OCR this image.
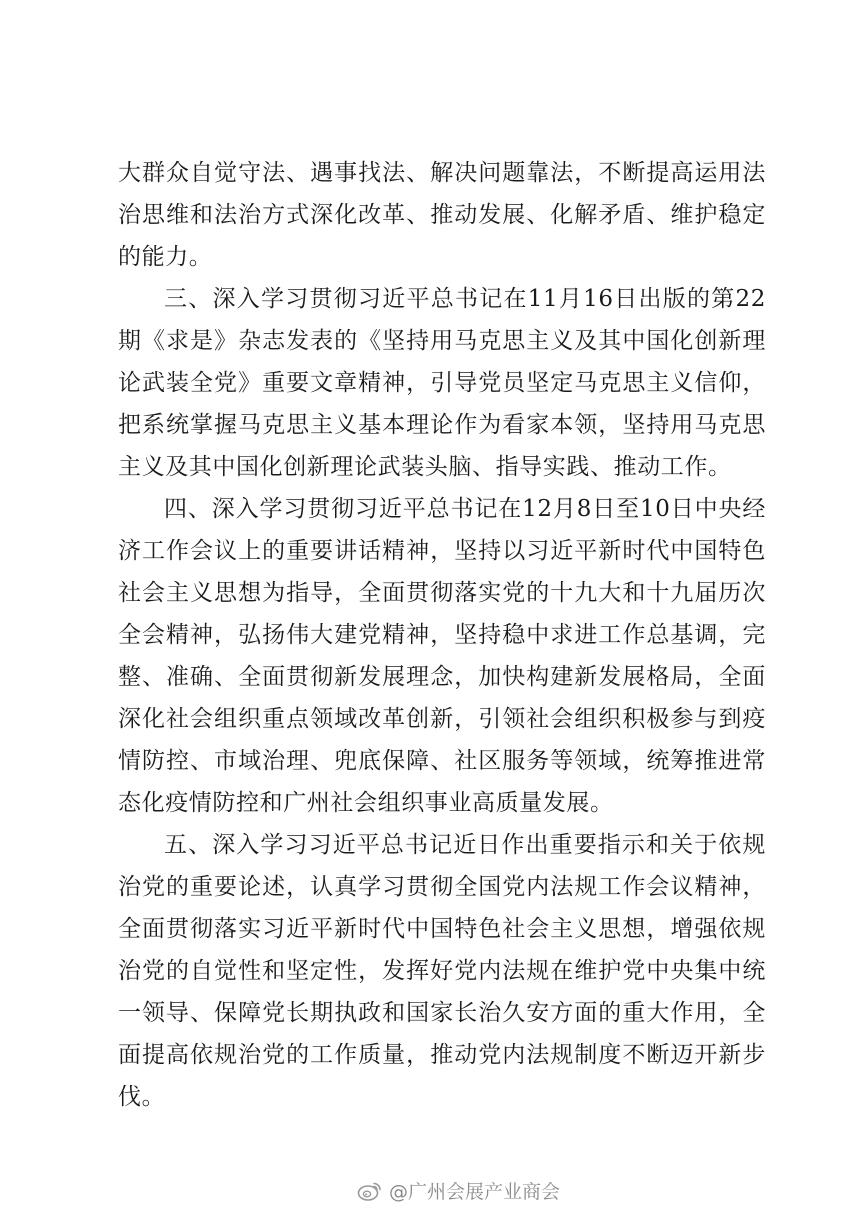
大群众自觉守法、遇事找法、解决问题靠法，不断提高运用法治思维和法治方式深化改革、推动发展、化解矛盾、维护稳定的能力。

三、深入学习贯彻习近平总书记在11月16日出版的第22期《求是》杂志发表的《坚持用马克思主义及其中国化创新理论武装全党》重要文章精神，引导党员坚定马克思主义信仰，把系统掌握马克思主义基本理论作为看家本领，坚持用马克思主义及其中国化创新理论武装头脑、指导实践、推动工作。

四、深入学习贯彻习近平总书记在12月8日至10日中央经济工作会议上的重要讲话精神，坚持以习近平新时代中国特色社会主义思想为指导，全面贯彻落实党的十九大和十九届历次全会精神，弘扬伟大建党精神，坚持稳中求进工作总基调，完整、准确、全面贯彻新发展理念，加快构建新发展格局，全面深化社会组织重点领域改革创新，引领社会组织积极参与到疫情防控、市域治理、兜底保障、社区服务等领域，统筹推进常态化疫情防控和广州社会组织事业高质量发展。

五、深入学习习近平总书记近日作出重要指示和关于依规治党的重要论述，认真学习贯彻全国党内法规工作会议精神，全面贯彻落实习近平新时代中国特色社会主义思想，增强依规治党的自觉性和坚定性，发挥好党内法规在维护党中央集中统一领导、保障党长期执政和国家长治久安方面的重大作用，全面提高依规治党的工作质量，推动党内法规制度不断迈开新步伐。

@广州会展产业商会
